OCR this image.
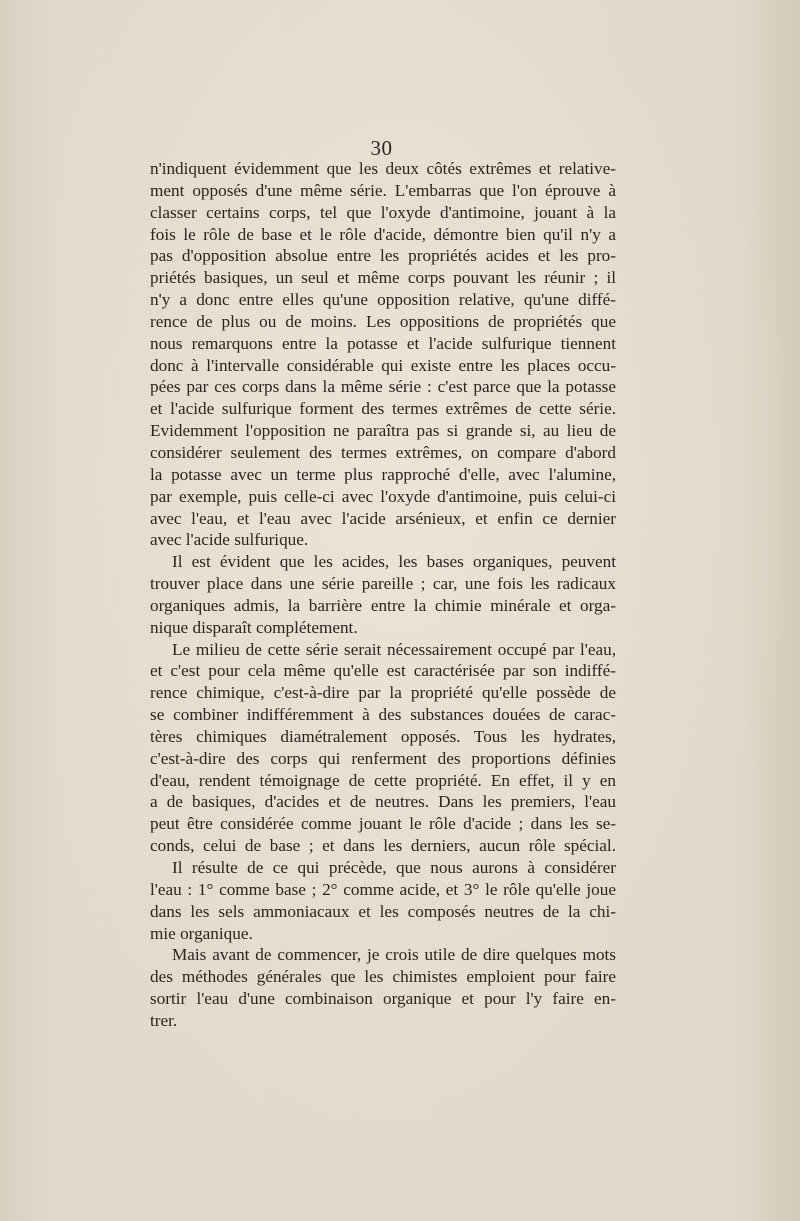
30
n'indiquent évidemment que les deux côtés extrêmes et relative-
ment opposés d'une même série. L'embarras que l'on éprouve à
classer certains corps, tel que l'oxyde d'antimoine, jouant à la
fois le rôle de base et le rôle d'acide, démontre bien qu'il n'y a
pas d'opposition absolue entre les propriétés acides et les pro-
priétés basiques, un seul et même corps pouvant les réunir ; il
n'y a donc entre elles qu'une opposition relative, qu'une diffé-
rence de plus ou de moins. Les oppositions de propriétés que
nous remarquons entre la potasse et l'acide sulfurique tiennent
donc à l'intervalle considérable qui existe entre les places occu-
pées par ces corps dans la même série : c'est parce que la potasse
et l'acide sulfurique forment des termes extrêmes de cette série.
Evidemment l'opposition ne paraîtra pas si grande si, au lieu de
considérer seulement des termes extrêmes, on compare d'abord
la potasse avec un terme plus rapproché d'elle, avec l'alumine,
par exemple, puis celle-ci avec l'oxyde d'antimoine, puis celui-ci
avec l'eau, et l'eau avec l'acide arsénieux, et enfin ce dernier
avec l'acide sulfurique.
Il est évident que les acides, les bases organiques, peuvent
trouver place dans une série pareille ; car, une fois les radicaux
organiques admis, la barrière entre la chimie minérale et orga-
nique disparaît complétement.
Le milieu de cette série serait nécessairement occupé par l'eau,
et c'est pour cela même qu'elle est caractérisée par son indiffé-
rence chimique, c'est-à-dire par la propriété qu'elle possède de
se combiner indifféremment à des substances douées de carac-
tères chimiques diamétralement opposés. Tous les hydrates,
c'est-à-dire des corps qui renferment des proportions définies
d'eau, rendent témoignage de cette propriété. En effet, il y en
a de basiques, d'acides et de neutres. Dans les premiers, l'eau
peut être considérée comme jouant le rôle d'acide ; dans les se-
conds, celui de base ; et dans les derniers, aucun rôle spécial.
Il résulte de ce qui précède, que nous aurons à considérer
l'eau : 1° comme base ; 2° comme acide, et 3° le rôle qu'elle joue
dans les sels ammoniacaux et les composés neutres de la chi-
mie organique.
Mais avant de commencer, je crois utile de dire quelques mots
des méthodes générales que les chimistes emploient pour faire
sortir l'eau d'une combinaison organique et pour l'y faire en-
trer.
